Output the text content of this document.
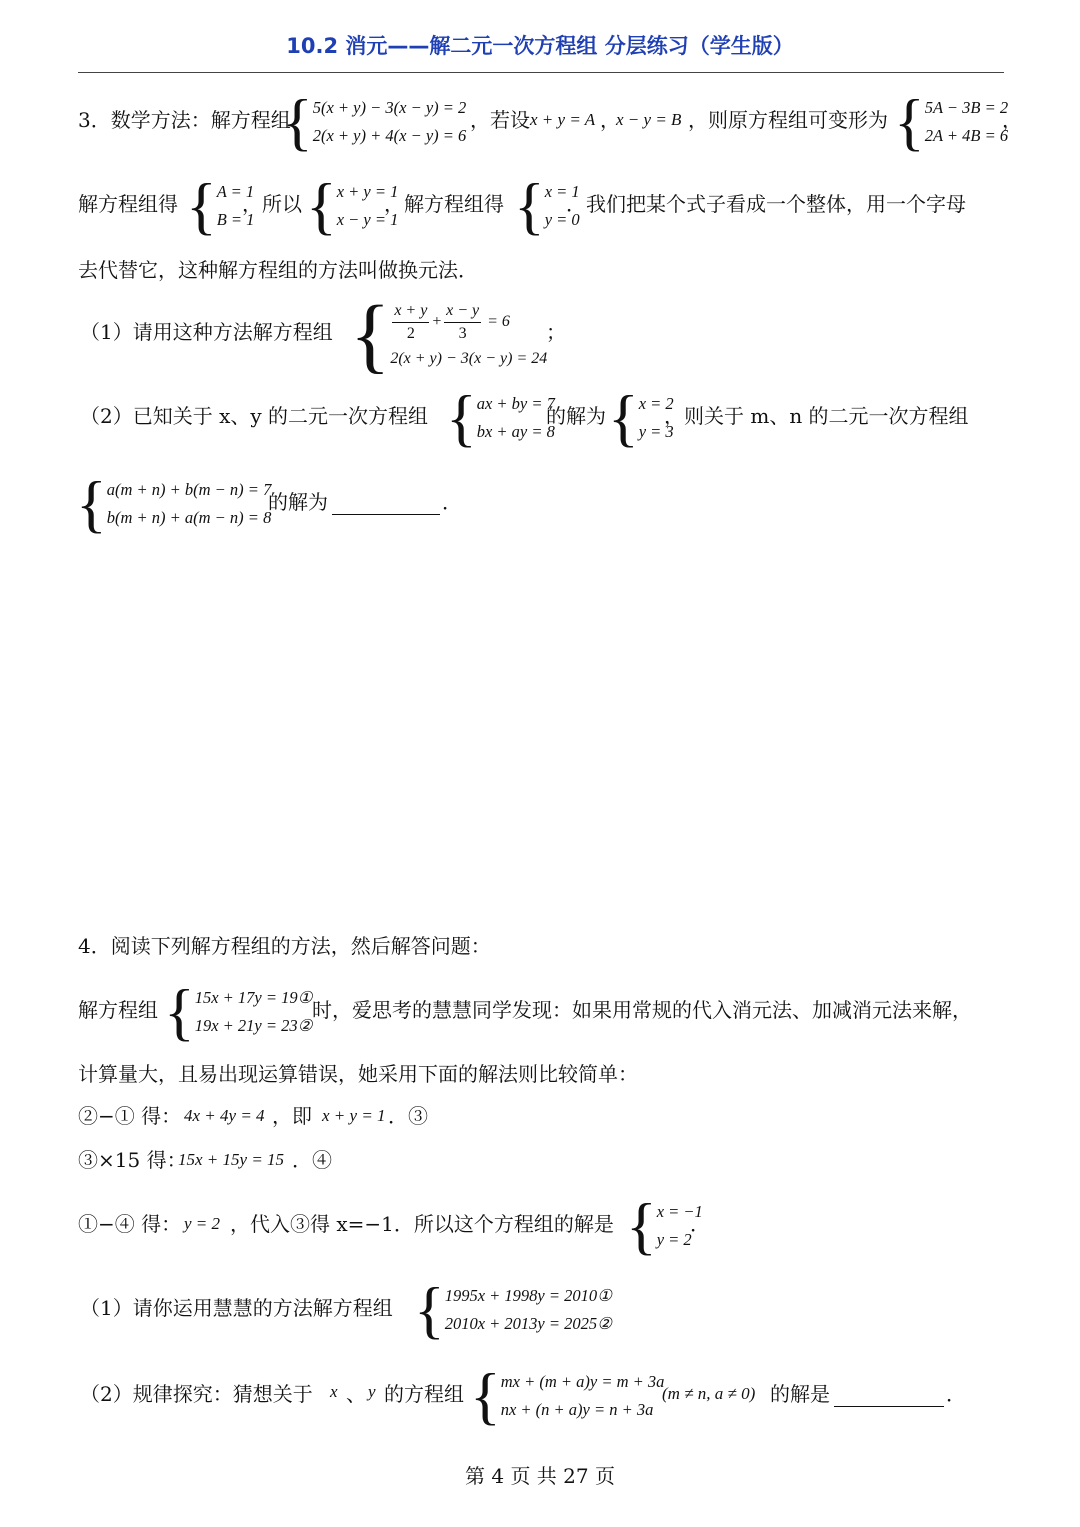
10.2 消元——解二元一次方程组 分层练习（学生版）
3．数学方法：解方程组
{ 5(x + y) − 3(x − y) = 2
2(x + y) + 4(x − y) = 6
，若设 x + y = A ，
x − y = B ，则原方程组可变形为 { 5A − 3B = 2
2A + 4B = 6
，
解方程组得 { A = 1
B = 1
，所以 { x + y = 1
x − y = 1
，解方程组得 { x = 1
y = 0
．我们把某个式子看成一个整体，用一个字母
去代替它，这种解方程组的方法叫做换元法．
（1）请用这种方法解方程组 { $\frac{x + y}{2} + \frac{x - y}{3} = 6$
2(x + y) − 3(x − y) = 24
；
（2）已知关于 x、y 的二元一次方程组 { ax + by = 7
bx + ay = 8
的解为 { x = 2
y = 3
，则关于 m、n 的二元一次方程组
{ a(m + n) + b(m − n) = 7
b(m + n) + a(m − n) = 8
的解为	．
4．阅读下列解方程组的方法，然后解答问题：
解方程组 { 15x + 17y = 19①
19x + 21y = 23②
时，爱思考的慧慧同学发现：如果用常规的代入消元法、加减消元法来解，
计算量大，且易出现运算错误，她采用下面的解法则比较简单：
②−① 得： 4x + 4y = 4 ，即 x + y = 1 ．③
③×15 得：
15x + 15y = 15 ．④
①−④ 得： y = 2 ，代入③得 x=−1．所以这个方程组的解是 { x = −1
y = 2
．
（1）请你运用慧慧的方法解方程组 { 1995x + 1998y = 2010①
2010x + 2013y = 2025②
（2）规律探究：猜想关于 x 、 y 的方程组 { mx + (m + a)y = m + 3a
nx + (n + a)y = n + 3a
(m ≠ n, a ≠ 0) 的解是	．
第 4 页 共 27 页
